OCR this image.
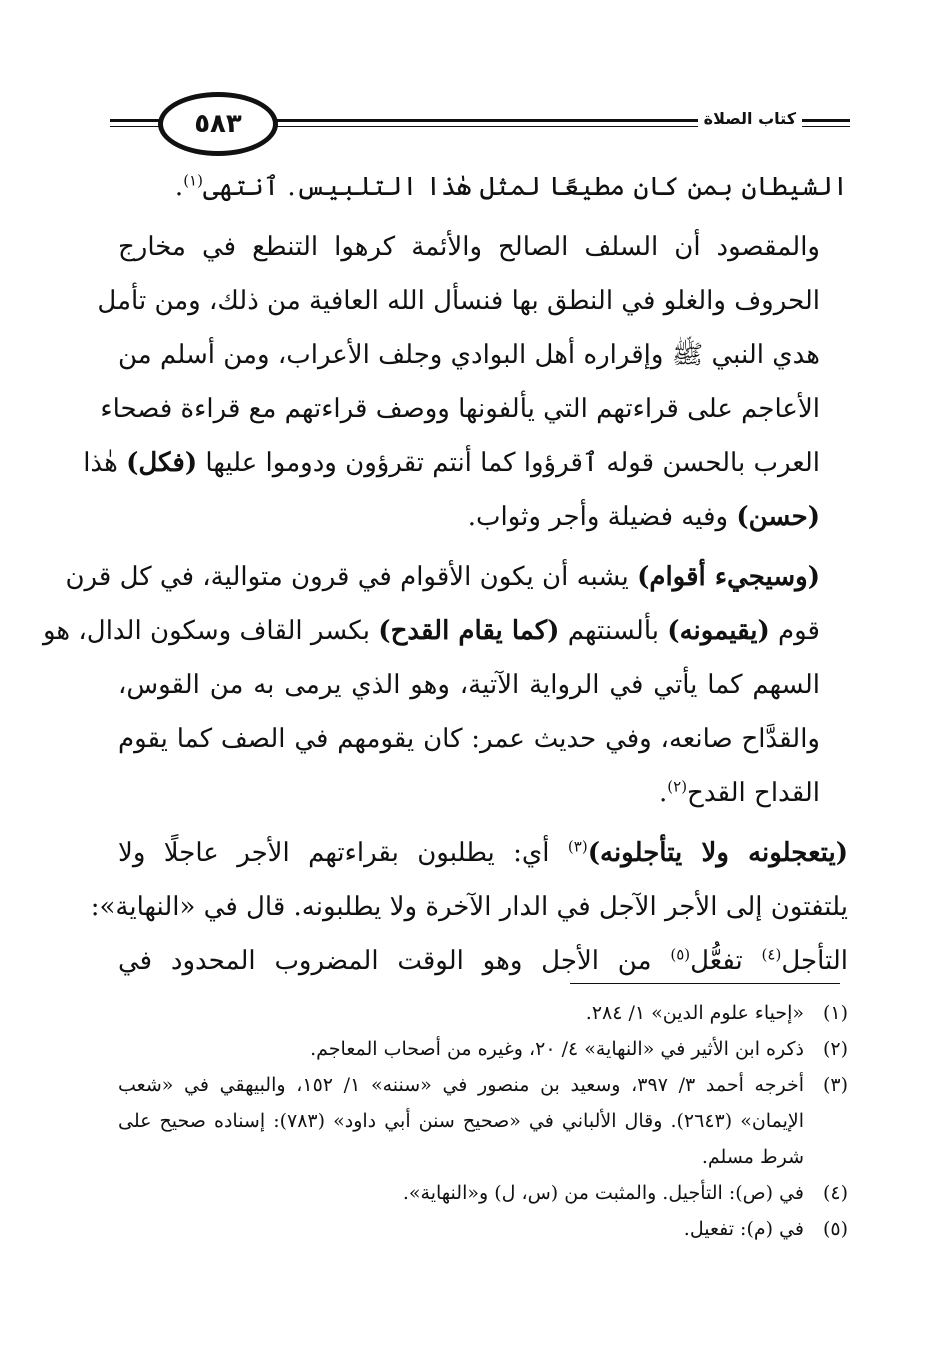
كتاب الصلاة
٥٨٣
الشيطان بمن كان مطيعًا لمثل هٰذا التلبيس. ٱنتهى$^{(١)}$.
والمقصود أن السلف الصالح والأئمة كرهوا التنطع في مخارج
الحروف والغلو في النطق بها فنسأل الله العافية من ذلك، ومن تأمل
هدي النبي ﷺ وإقراره أهل البوادي وجلف الأعراب، ومن أسلم من
الأعاجم على قراءتهم التي يألفونها ووصف قراءتهم مع قراءة فصحاء
العرب بالحسن قوله ٱقرؤوا كما أنتم تقرؤون ودوموا عليها (فكل) هٰذا
(حسن) وفيه فضيلة وأجر وثواب.
(وسيجيء أقوام) يشبه أن يكون الأقوام في قرون متوالية، في كل قرن
قوم (يقيمونه) بألسنتهم (كما يقام القدح) بكسر القاف وسكون الدال، هو
السهم كما يأتي في الرواية الآتية، وهو الذي يرمى به من القوس،
والقدَّاح صانعه، وفي حديث عمر: كان يقومهم في الصف كما يقوم
القداح القدح$^{(٢)}$.
(يتعجلونه ولا يتأجلونه)$^{(٣)}$ أي: يطلبون بقراءتهم الأجر عاجلًا ولا
يلتفتون إلى الأجر الآجل في الدار الآخرة ولا يطلبونه. قال في «النهاية»:
التأجل$^{(٤)}$ تفعُّل$^{(٥)}$ من الأجل وهو الوقت المضروب المحدود في
(١)
«إحياء علوم الدين» ١/ ٢٨٤.
(٢)
ذكره ابن الأثير في «النهاية» ٤/ ٢٠، وغيره من أصحاب المعاجم.
(٣)
أخرجه أحمد ٣/ ٣٩٧، وسعيد بن منصور في «سننه» ١/ ١٥٢، والبيهقي في «شعب الإيمان» (٢٦٤٣). وقال الألباني في «صحيح سنن أبي داود» (٧٨٣): إسناده صحيح على شرط مسلم.
(٤)
في (ص): التأجيل. والمثبت من (س، ل) و«النهاية».
(٥)
في (م): تفعيل.
